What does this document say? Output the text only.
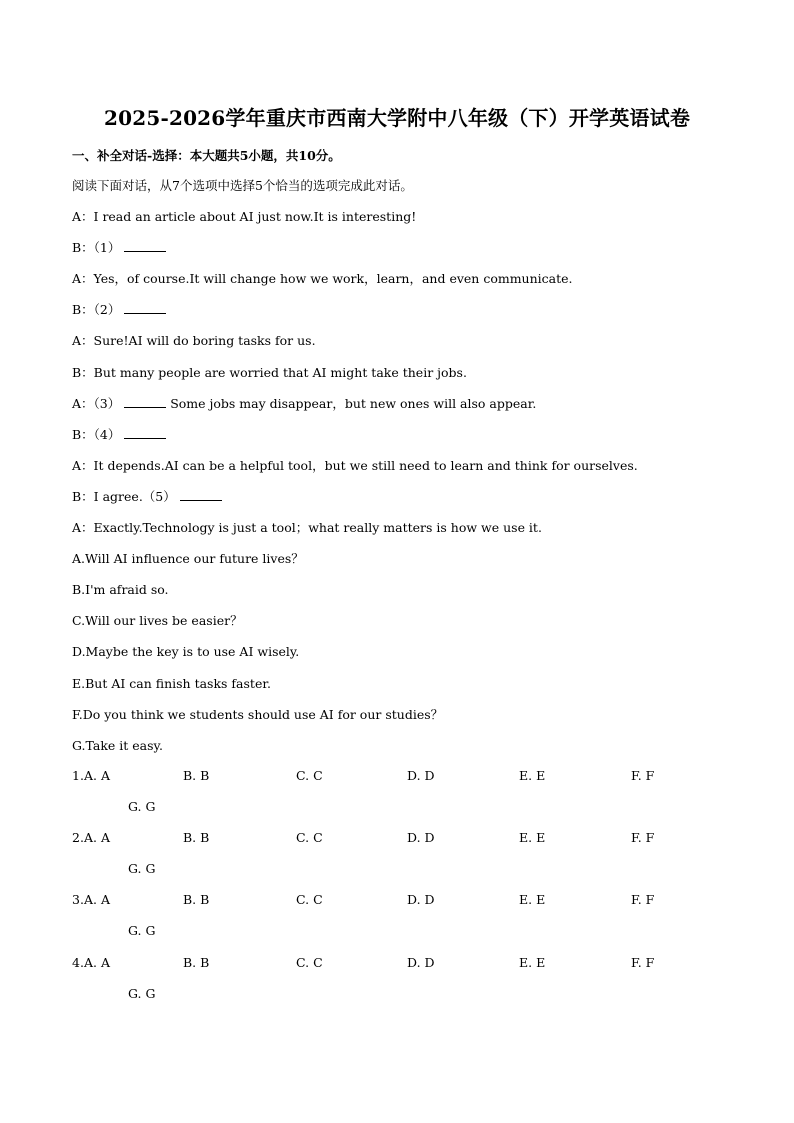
2025-2026学年重庆市西南大学附中八年级（下）开学英语试卷
一、补全对话-选择：本大题共5小题，共10分。
阅读下面对话，从7个选项中选择5个恰当的选项完成此对话。
A：I read an article about AI just now.It is interesting!
B：（1）
A：Yes，of course.It will change how we work，learn，and even communicate.
B：（2）
A：Sure!AI will do boring tasks for us.
B：But many people are worried that AI might take their jobs.
A：（3）	Some jobs may disappear，but new ones will also appear.
B：（4）
A：It depends.AI can be a helpful tool，but we still need to learn and think for ourselves.
B：I agree.（5）
A：Exactly.Technology is just a tool；what really matters is how we use it.
A.Will AI influence our future lives？
B.I'm afraid so.
C.Will our lives be easier？
D.Maybe the key is to use AI wisely.
E.But AI can finish tasks faster.
F.Do you think we students should use AI for our studies？
G.Take it easy.
1. A. A	B. B	C. C	D. D	E. E	F. F
G. G
2. A. A	B. B	C. C	D. D	E. E	F. F
G. G
3. A. A	B. B	C. C	D. D	E. E	F. F
G. G
4. A. A	B. B	C. C	D. D	E. E	F. F
G. G
